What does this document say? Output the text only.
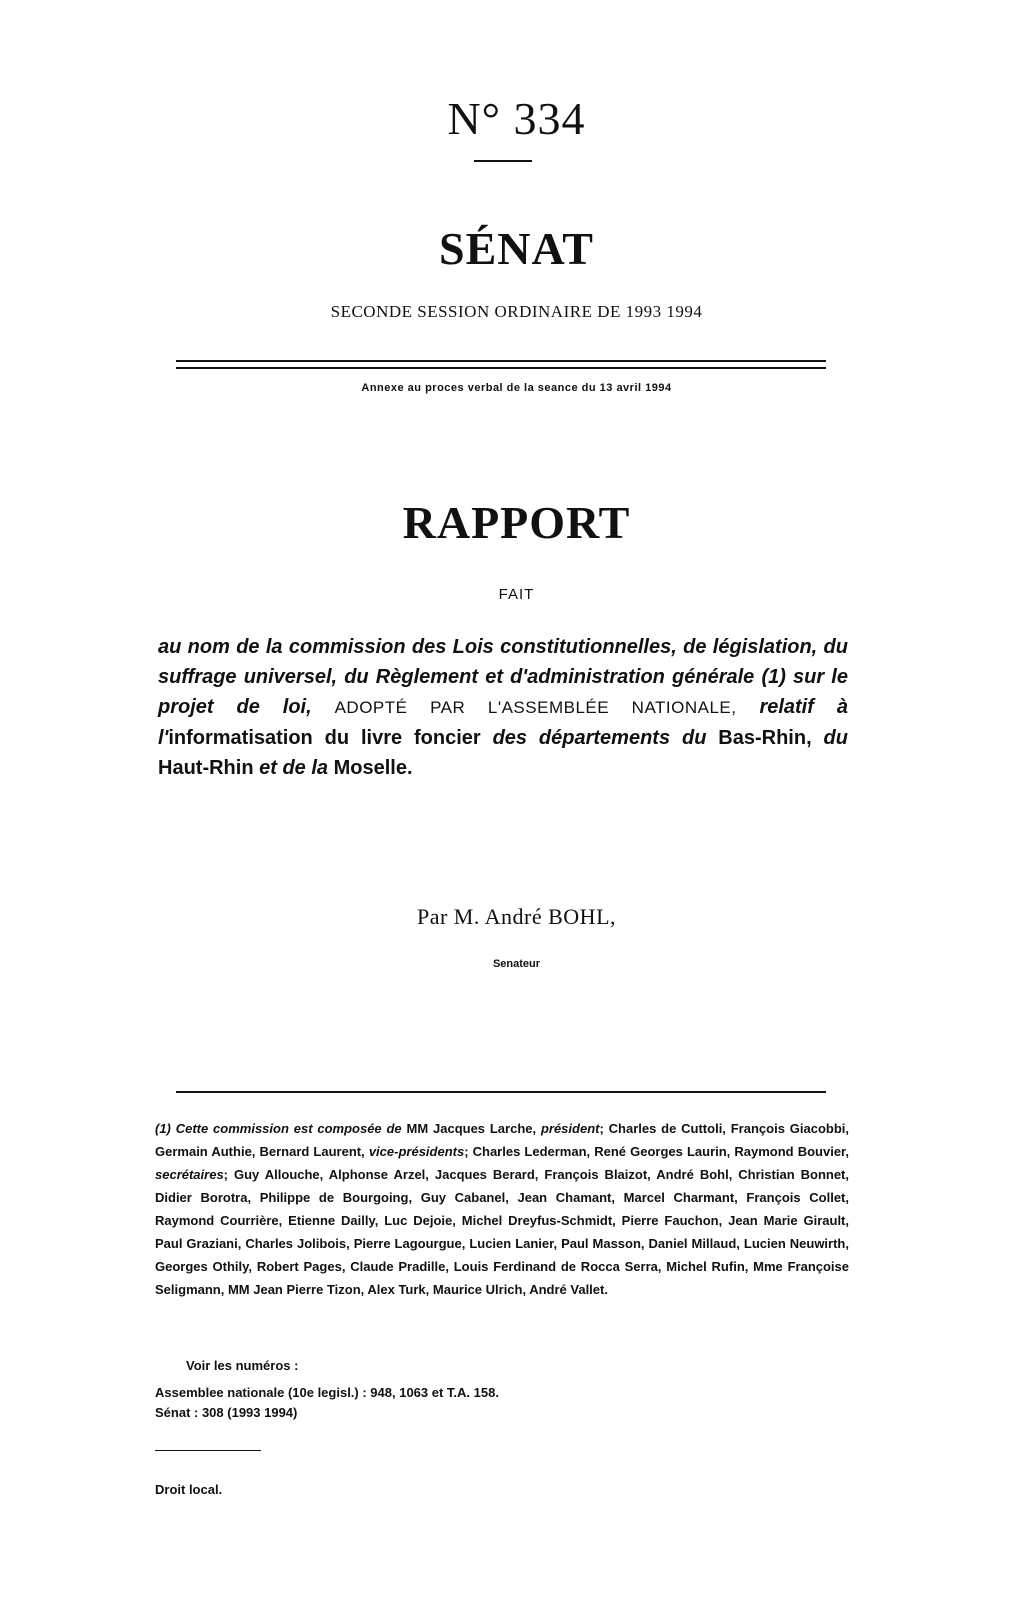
N° 334
SÉNAT
SECONDE SESSION ORDINAIRE DE 1993 1994
Annexe au proces verbal de la seance du 13 avril 1994
RAPPORT
FAIT
au nom de la commission des Lois constitutionnelles, de législation, du suffrage universel, du Règlement et d'administration générale (1) sur le projet de loi, ADOPTÉ PAR L'ASSEMBLÉE NATIONALE, relatif à l'informatisation du livre foncier des départements du Bas-Rhin, du Haut-Rhin et de la Moselle.
Par M. André BOHL,
Senateur
(1) Cette commission est composée de MM Jacques Larche, président; Charles de Cuttoli, François Giacobbi, Germain Authie, Bernard Laurent, vice-présidents; Charles Lederman, René Georges Laurin, Raymond Bouvier, secrétaires; Guy Allouche, Alphonse Arzel, Jacques Berard, François Blaizot, André Bohl, Christian Bonnet, Didier Borotra, Philippe de Bourgoing, Guy Cabanel, Jean Chamant, Marcel Charmant, François Collet, Raymond Courrière, Etienne Dailly, Luc Dejoie, Michel Dreyfus-Schmidt, Pierre Fauchon, Jean Marie Girault, Paul Graziani, Charles Jolibois, Pierre Lagourgue, Lucien Lanier, Paul Masson, Daniel Millaud, Lucien Neuwirth, Georges Othily, Robert Pages, Claude Pradille, Louis Ferdinand de Rocca Serra, Michel Rufin, Mme Françoise Seligmann, MM Jean Pierre Tizon, Alex Turk, Maurice Ulrich, André Vallet.
Voir les numéros :
Assemblee nationale (10e legisl.) : 948, 1063 et T.A. 158.
Sénat : 308 (1993 1994)
Droit local.
